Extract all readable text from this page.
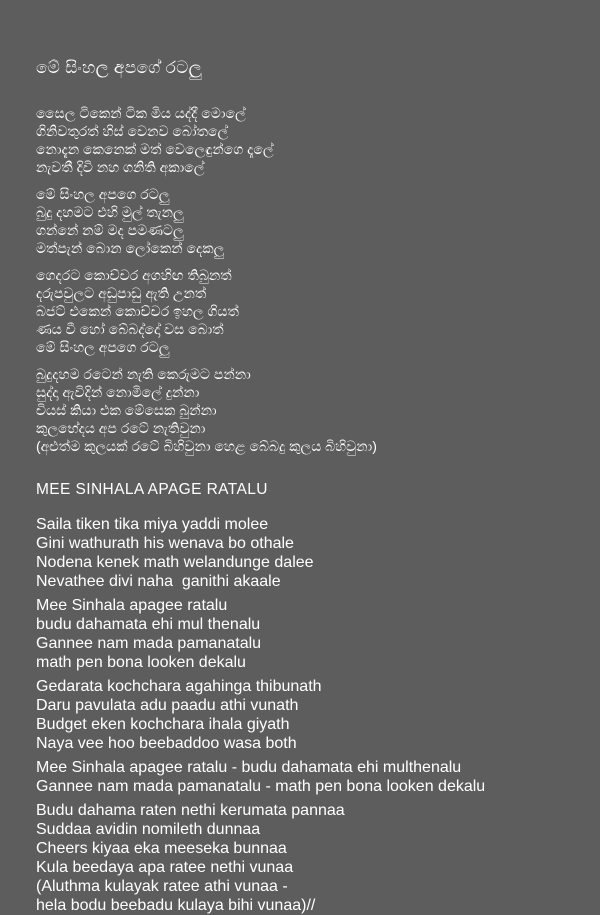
මේ සිංහල අපගේ රටලු

සෛල ටිකෙන් ටික මිය යද්දී මොලේ

ගිනිවතුරත් හිස් වෙනව බෝතලේ

නොදැන කෙනෙක් මත් වෙලෙඳුන්ගෙ දෑලේ

නැවතී දිවි නහ ගනිති අකාලේ

මේ සිංහල අපගෙ රටලු

බුදු දහමට එහි මුල් තැනලු

ගන්නේ නම් මද පමණටලු

මත්පැන් බොන ලෝකෙන් දෙකලු

ගෙදරට කොච්චර අගහිඟ තිබුනත්

දරුපවුලට අඩුපාඩු ඇති උනත්

බජට් එකෙන් කොච්චර ඉහල ගියත්

ණය වී හෝ බේබද්දෝ වස බොත්

මේ සිංහල අපගෙ රටලු

බුදුදහම රටෙන් නැති කෙරුමට පන්නා

සුද්දා ඇවිදින් නොමිලේ දුන්නා

චියස් කියා එක මේසෙක බුන්නා

කුලභේදය අප රටේ නැතිවුනා

(අළුත්ම කුලයක් රටේ බිහිවුනා හෙළ බේබදු කුලය බිහිවුනා)

MEE SINHALA APAGE RATALU

Saila tiken tika miya yaddi molee

Gini wathurath his wenava bo othale

Nodena kenek math welandunge dalee

Nevathee divi naha  ganithi akaale

Mee Sinhala apagee ratalu

budu dahamata ehi mul thenalu

Gannee nam mada pamanatalu

math pen bona looken dekalu

Gedarata kochchara agahinga thibunath

Daru pavulata adu paadu athi vunath

Budget eken kochchara ihala giyath

Naya vee hoo beebaddoo wasa both

Mee Sinhala apagee ratalu - budu dahamata ehi multhenalu

Gannee nam mada pamanatalu - math pen bona looken dekalu

Budu dahama raten nethi kerumata pannaa

Suddaa avidin nomileth dunnaa

Cheers kiyaa eka meeseka bunnaa

Kula beedaya apa ratee nethi vunaa

(Aluthma kulayak ratee athi vunaa -

hela bodu beebadu kulaya bihi vunaa)//
